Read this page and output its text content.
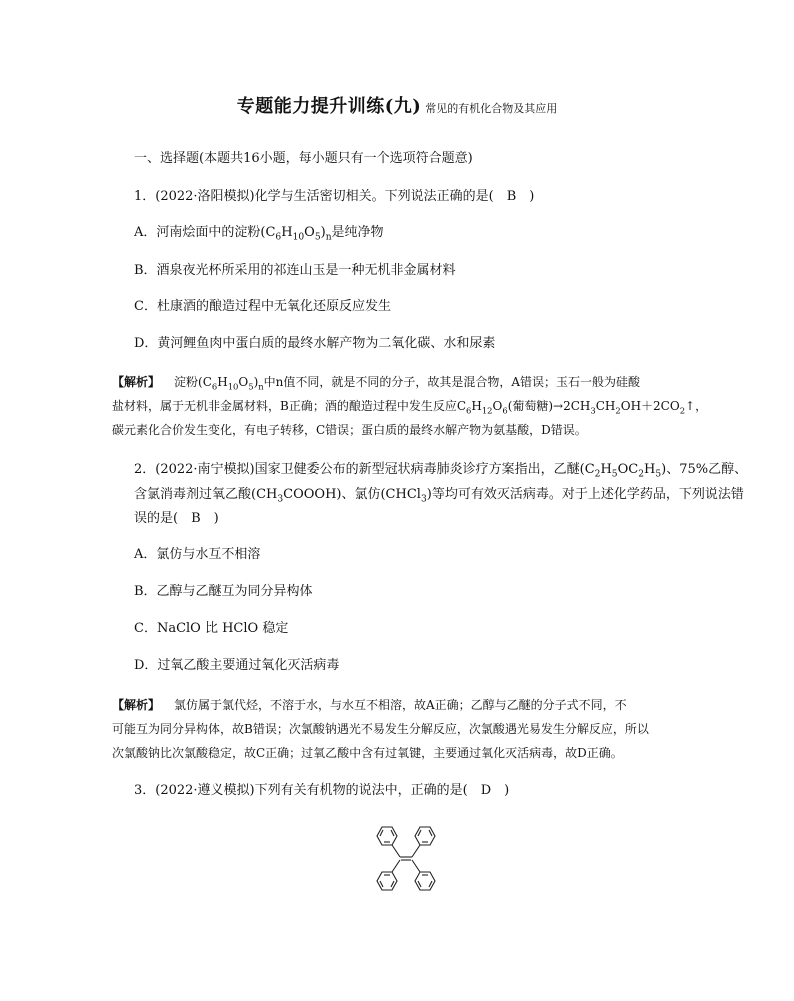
专题能力提升训练(九) 常见的有机化合物及其应用
一、选择题(本题共16小题，每小题只有一个选项符合题意)
1．(2022·洛阳模拟)化学与生活密切相关。下列说法正确的是(　B　)
A．河南烩面中的淀粉$(C_6H_{10}O_5)_n$是纯净物
B．酒泉夜光杯所采用的祁连山玉是一种无机非金属材料
C．杜康酒的酿造过程中无氧化还原反应发生
D．黄河鲤鱼肉中蛋白质的最终水解产物为二氧化碳、水和尿素
【解析】 淀粉$(C_6H_{10}O_5)_n$中n值不同，就是不同的分子，故其是混合物，A错误；玉石一般为硅酸
盐材料，属于无机非金属材料，B正确；酒的酿造过程中发生反应$C_6H_{12}O_6$(葡萄糖)$\to 2CH_3CH_2OH+2CO_2↑$，
碳元素化合价发生变化，有电子转移，C错误；蛋白质的最终水解产物为氨基酸，D错误。
2．(2022·南宁模拟)国家卫健委公布的新型冠状病毒肺炎诊疗方案指出，乙醚$(C_2H_5OC_2H_5)$、75%乙醇、
含氯消毒剂过氧乙酸$(CH_3COOOH)$、氯仿(CHCl$_3$)等均可有效灭活病毒。对于上述化学药品，下列说法错
误的是(　B　)
A．氯仿与水互不相溶
B．乙醇与乙醚互为同分异构体
C．NaClO 比 HClO 稳定
D．过氧乙酸主要通过氧化灭活病毒
【解析】 氯仿属于氯代烃，不溶于水，与水互不相溶，故A正确；乙醇与乙醚的分子式不同，不
可能互为同分异构体，故B错误；次氯酸钠遇光不易发生分解反应，次氯酸遇光易发生分解反应，所以
次氯酸钠比次氯酸稳定，故C正确；过氧乙酸中含有过氧键，主要通过氧化灭活病毒，故D正确。
3．(2022·遵义模拟)下列有关有机物的说法中，正确的是(　D　)
